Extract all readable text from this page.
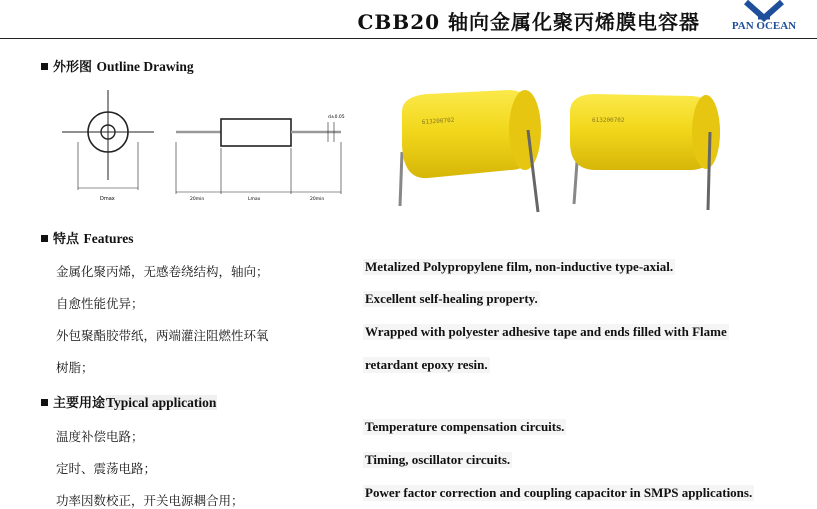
CBB20 轴向金属化聚丙烯膜电容器	PAN OCEAN
外形图 Outline Drawing
Dmax
d±0.05
20min	Lmax	20min
613200702	613200702
特点 Features
金属化聚丙烯，无感卷绕结构，轴向；
自愈性能优异；
外包聚酯胶带纸，两端灌注阻燃性环氧
树脂；
Metalized Polypropylene film, non-inductive type-axial.
Excellent self-healing property.
Wrapped with polyester adhesive tape and ends filled with Flame
retardant epoxy resin.
主要用途Typical application
温度补偿电路；
定时、震荡电路；
功率因数校正，开关电源耦合用；
Temperature compensation circuits.
Timing, oscillator circuits.
Power factor correction and coupling capacitor in SMPS applications.
